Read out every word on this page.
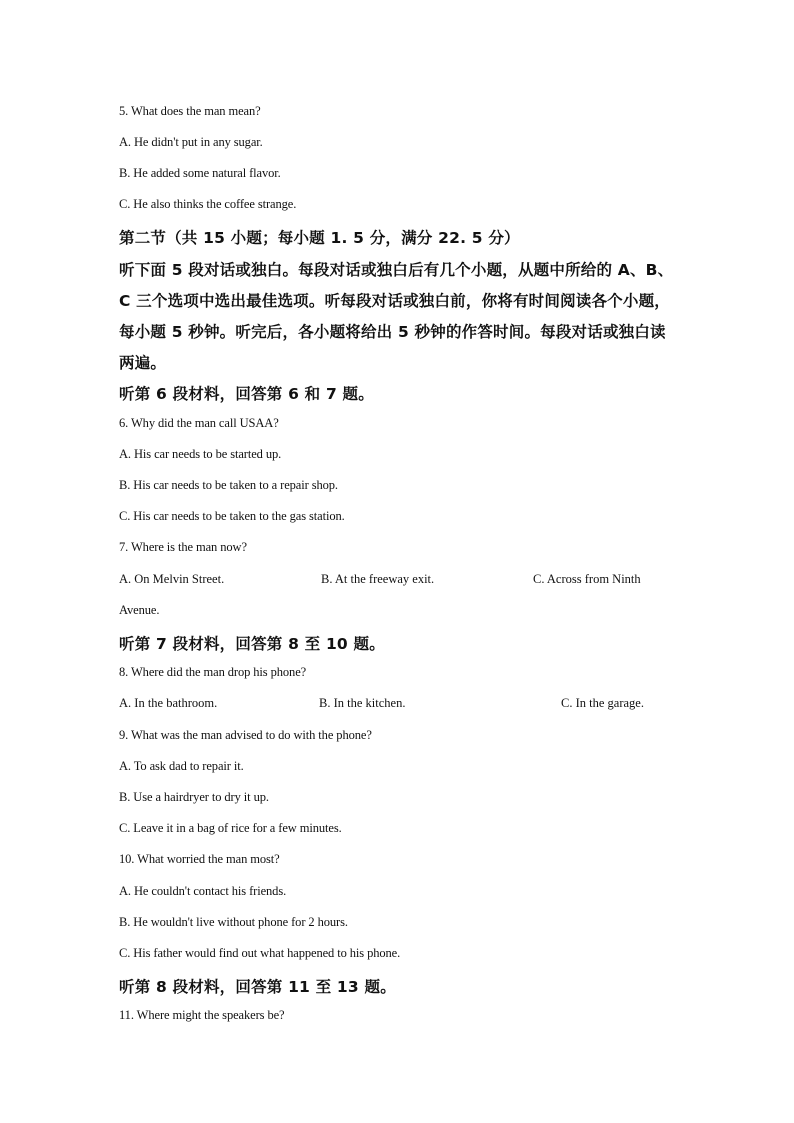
5. What does the man mean?
A. He didn't put in any sugar.
B. He added some natural flavor.
C. He also thinks the coffee strange.
第二节（共 15 小题；每小题 1. 5 分，满分 22. 5 分）
听下面 5 段对话或独白。每段对话或独白后有几个小题，从题中所给的 A、B、
C 三个选项中选出最佳选项。听每段对话或独白前，你将有时间阅读各个小题，
每小题 5 秒钟。听完后，各小题将给出 5 秒钟的作答时间。每段对话或独白读
两遍。
听第 6 段材料，回答第 6 和 7 题。
6. Why did the man call USAA?
A. His car needs to be started up.
B. His car needs to be taken to a repair shop.
C. His car needs to be taken to the gas station.
7. Where is the man now?
A. On Melvin Street.	B. At the freeway exit.	C. Across from Ninth
Avenue.
听第 7 段材料，回答第 8 至 10 题。
8. Where did the man drop his phone?
A. In the bathroom.	B. In the kitchen.	C. In the garage.
9. What was the man advised to do with the phone?
A. To ask dad to repair it.
B. Use a hairdryer to dry it up.
C. Leave it in a bag of rice for a few minutes.
10. What worried the man most?
A. He couldn't contact his friends.
B. He wouldn't live without phone for 2 hours.
C. His father would find out what happened to his phone.
听第 8 段材料，回答第 11 至 13 题。
11. Where might the speakers be?
